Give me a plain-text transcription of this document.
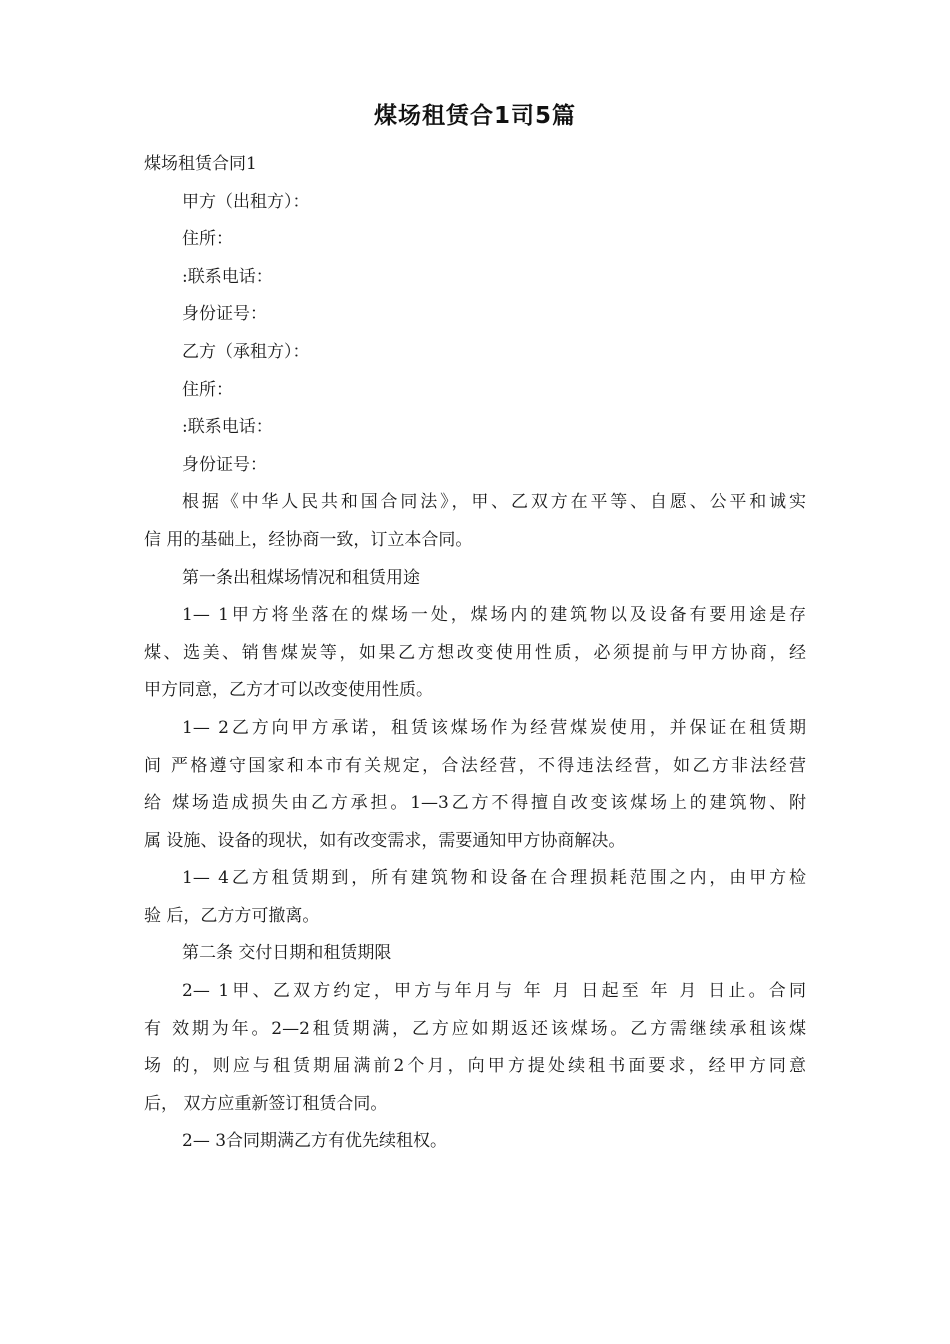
煤场租赁合1司5篇
煤场租赁合同1
甲方（出租方）：
住所：
:联系电话：
身份证号：
乙方（承租方）：
住所：
:联系电话：
身份证号：
根据《中华人民共和国合同法》，甲、乙双方在平等、自愿、公平和诚实
信 用的基础上，经协商一致，订立本合同。
第一条出租煤场情况和租赁用途
1— 1甲方将坐落在的煤场一处，煤场内的建筑物以及设备有要用途是存
煤、选美、销售煤炭等，如果乙方想改变使用性质，必须提前与甲方协商，经
甲方同意，乙方才可以改变使用性质。
1— 2乙方向甲方承诺，租赁该煤场作为经营煤炭使用，并保证在租赁期
间 严格遵守国家和本市有关规定，合法经营，不得违法经营，如乙方非法经营
给 煤场造成损失由乙方承担。1—3乙方不得擅自改变该煤场上的建筑物、附
属 设施、设备的现状，如有改变需求，需要通知甲方协商解决。
1— 4乙方租赁期到，所有建筑物和设备在合理损耗范围之内，由甲方检
验 后，乙方方可撤离。
第二条 交付日期和租赁期限
2— 1甲、乙双方约定，甲方与年月与 年 月 日起至 年 月 日止。合同
有 效期为年。2—2租赁期满，乙方应如期返还该煤场。乙方需继续承租该煤
场 的，则应与租赁期届满前2个月，向甲方提处续租书面要求，经甲方同意
后， 双方应重新签订租赁合同。
2— 3合同期满乙方有优先续租权。
